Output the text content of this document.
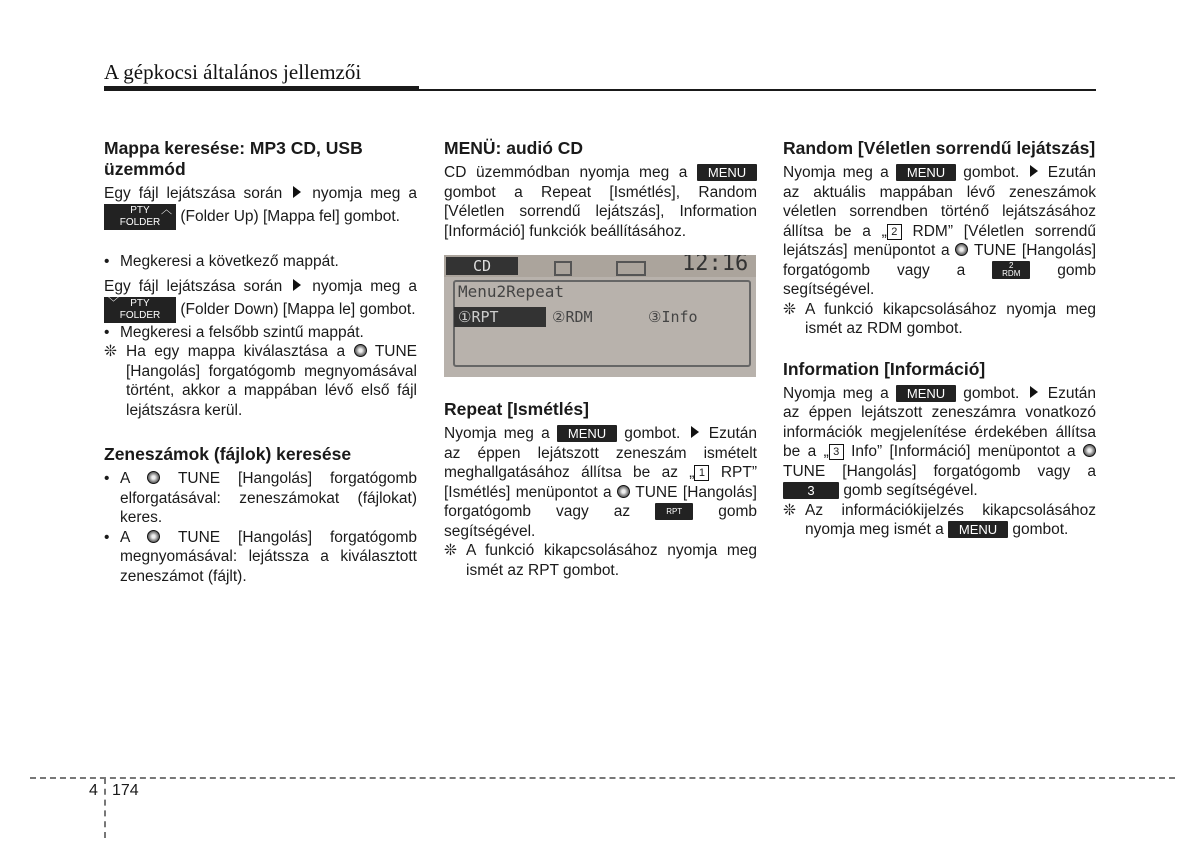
A gépkocsi általános jellemzői
Mappa keresése: MP3 CD, USB üzemmód

Egy fájl lejátszása során nyomja meg a
PTY	︿
FOLDER	(Folder Up) [Mappa fel] gombot.

• Megkeresi a következő mappát.

Egy fájl lejátszása során nyomja meg a
﹀	PTY
FOLDER	(Folder Down) [Mappa le] gombot.

• Megkeresi a felsőbb szintű mappát.
❊ Ha egy mappa kiválasztása a TUNE [Hangolás] forgatógomb megnyomásával történt, akkor a mappában lévő első fájl lejátszásra kerül.
Zeneszámok (fájlok) keresése
• A	TUNE [Hangolás] forgatógomb elforgatásával: zeneszámokat (fájlokat) keres.
• A	TUNE [Hangolás] forgatógomb megnyomásával: lejátssza a kiválasztott zeneszámot (fájlt).
MENÜ: audió CD

CD üzemmódban nyomja meg a MENU gombot a Repeat [Ismétlés], Random [Véletlen sorrendű lejátszás], Information [Információ] funkciók beállításához.

CD	12:16
Menu2Repeat
①RPT	②RDM	③Info
Repeat [Ismétlés]

Nyomja meg a MENU gombot. Ezután az éppen lejátszott zeneszám ismételt meghallgatásához állítsa be az „ 1 RPT” [Ismétlés] menüpontot a TUNE [Hangolás] forgatógomb vagy az	RPT gomb segítségével.

❊ A funkció kikapcsolásához nyomja meg ismét az RPT gombot.
Random [Véletlen sorrendű lejátszás]

Nyomja meg a MENU gombot. Ezután az aktuális mappában lévő zeneszámok véletlen sorrendben történő lejátszásához állítsa be a „ 2 RDM” [Véletlen sorrendű lejátszás] menüpontot a TUNE [Hangolás] forgatógomb vagy a	2
RDM gomb segítségével.

❊ A funkció kikapcsolásához nyomja meg ismét az RDM gombot.
Information [Információ]

Nyomja meg a MENU gombot. Ezután az éppen lejátszott zeneszámra vonatkozó információk megjelenítése érdekében állítsa be a „ 3 Info” [Információ] menüpontot a  TUNE [Hangolás] forgatógomb vagy a 3 gomb segítségével.

❊ Az információkijelzés kikapcsolásához nyomja meg ismét a MENU gombot.
4 174
